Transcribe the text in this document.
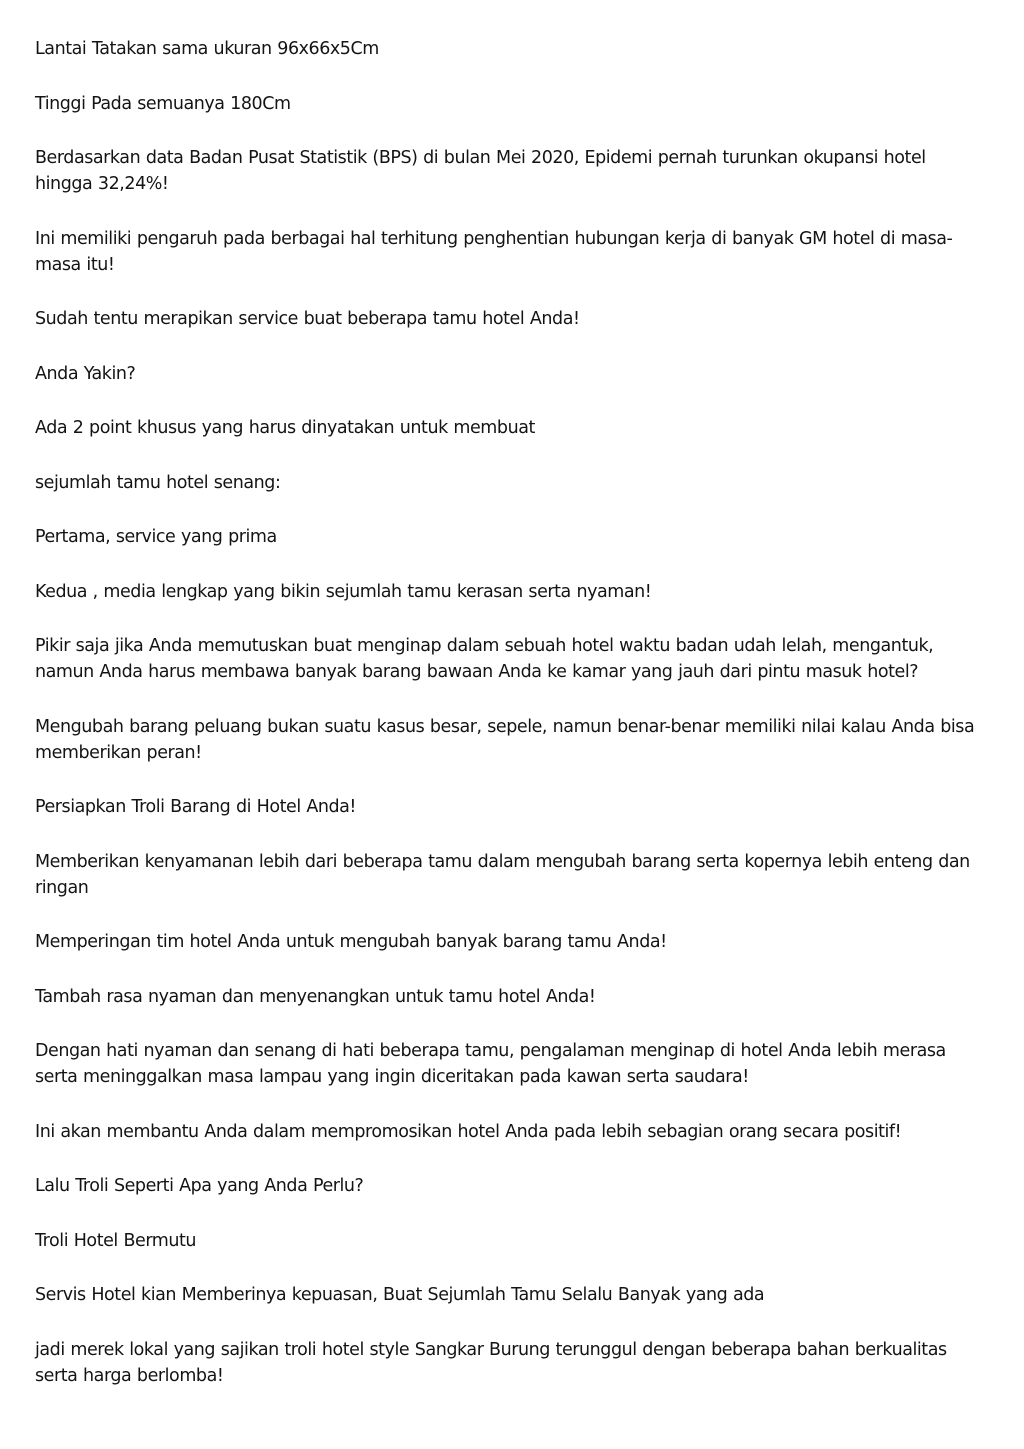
Lantai Tatakan sama ukuran 96x66x5Cm

Tinggi Pada semuanya 180Cm

Berdasarkan data Badan Pusat Statistik (BPS) di bulan Mei 2020, Epidemi pernah turunkan okupansi hotel hingga 32,24%!

Ini memiliki pengaruh pada berbagai hal terhitung penghentian hubungan kerja di banyak GM hotel di masa-masa itu!

Sudah tentu merapikan service buat beberapa tamu hotel Anda!

Anda Yakin?

Ada 2 point khusus yang harus dinyatakan untuk membuat

sejumlah tamu hotel senang:

Pertama, service yang prima

Kedua , media lengkap yang bikin sejumlah tamu kerasan serta nyaman!

Pikir saja jika Anda memutuskan buat menginap dalam sebuah hotel waktu badan udah lelah, mengantuk, namun Anda harus membawa banyak barang bawaan Anda ke kamar yang jauh dari pintu masuk hotel?

Mengubah barang peluang bukan suatu kasus besar, sepele, namun benar-benar memiliki nilai kalau Anda bisa memberikan peran!

Persiapkan Troli Barang di Hotel Anda!

Memberikan kenyamanan lebih dari beberapa tamu dalam mengubah barang serta kopernya lebih enteng dan ringan

Memperingan tim hotel Anda untuk mengubah banyak barang tamu Anda!

Tambah rasa nyaman dan menyenangkan untuk tamu hotel Anda!

Dengan hati nyaman dan senang di hati beberapa tamu, pengalaman menginap di hotel Anda lebih merasa serta meninggalkan masa lampau yang ingin diceritakan pada kawan serta saudara!

Ini akan membantu Anda dalam mempromosikan hotel Anda pada lebih sebagian orang secara positif!

Lalu Troli Seperti Apa yang Anda Perlu?

Troli Hotel Bermutu

Servis Hotel kian Memberinya kepuasan, Buat Sejumlah Tamu Selalu Banyak yang ada

jadi merek lokal yang sajikan troli hotel style Sangkar Burung terunggul dengan beberapa bahan berkualitas serta harga berlomba!
